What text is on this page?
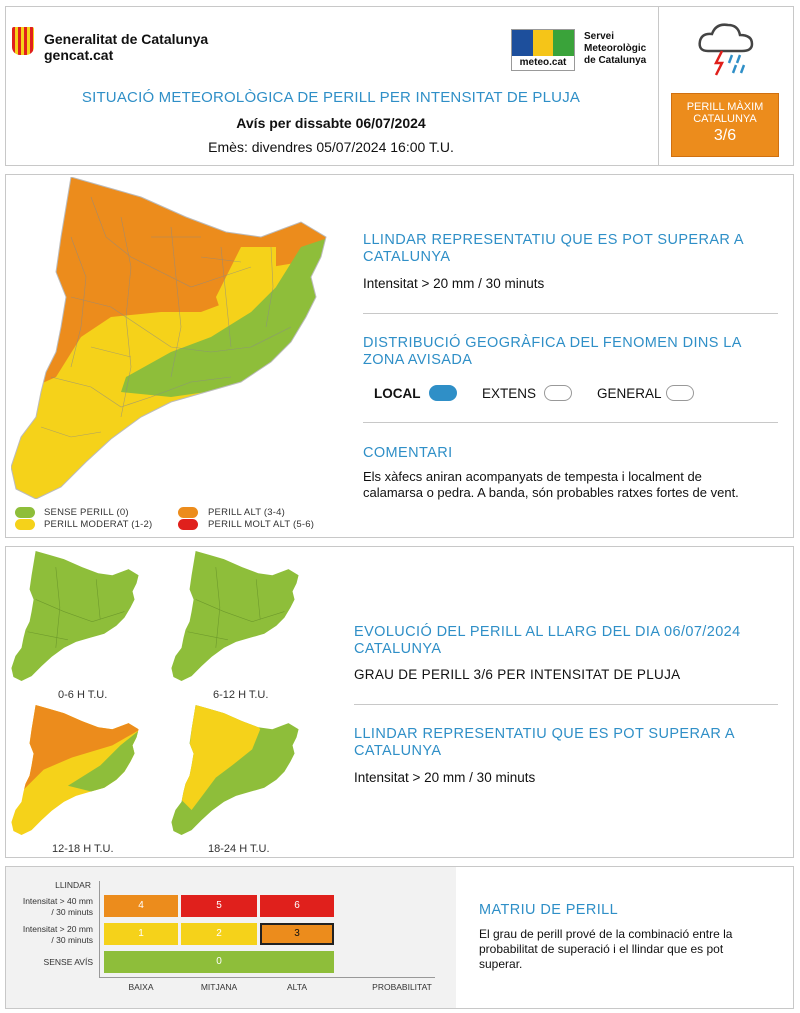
Generalitat de Catalunya
gencat.cat	meteo.cat
Servei
Meteorològic
de Catalunya
SITUACIÓ METEOROLÒGICA DE PERILL PER INTENSITAT DE PLUJA
Avís per dissabte 06/07/2024
Emès: divendres 05/07/2024 16:00 T.U.
PERILL MÀXIM
CATALUNYA
3/6
SENSE PERILL (0)
PERILL MODERAT (1-2)
PERILL ALT (3-4)
PERILL MOLT ALT (5-6)
LLINDAR REPRESENTATIU QUE ES POT SUPERAR A CATALUNYA
Intensitat > 20 mm / 30 minuts
DISTRIBUCIÓ GEOGRÀFICA DEL FENOMEN DINS LA ZONA AVISADA
LOCAL	EXTENS	GENERAL
COMENTARI
Els xàfecs aniran acompanyats de tempesta i localment de calamarsa o pedra. A banda, són probables ratxes fortes de vent.
0-6 H T.U.	6-12 H T.U.
12-18 H T.U.	18-24 H T.U.
EVOLUCIÓ DEL PERILL AL LLARG DEL DIA 06/07/2024 CATALUNYA
GRAU DE PERILL 3/6 PER INTENSITAT DE PLUJA
LLINDAR REPRESENTATIU QUE ES POT SUPERAR A CATALUNYA
Intensitat > 20 mm / 30 minuts
LLINDAR
Intensitat > 40 mm / 30 minuts
Intensitat > 20 mm / 30 minuts
SENSE AVÍS
4	5	6
1	2	3
0
BAIXA	MITJANA	ALTA	PROBABILITAT
MATRIU DE PERILL
El grau de perill prové de la combinació entre la probabilitat de superació i el llindar que es pot superar.
